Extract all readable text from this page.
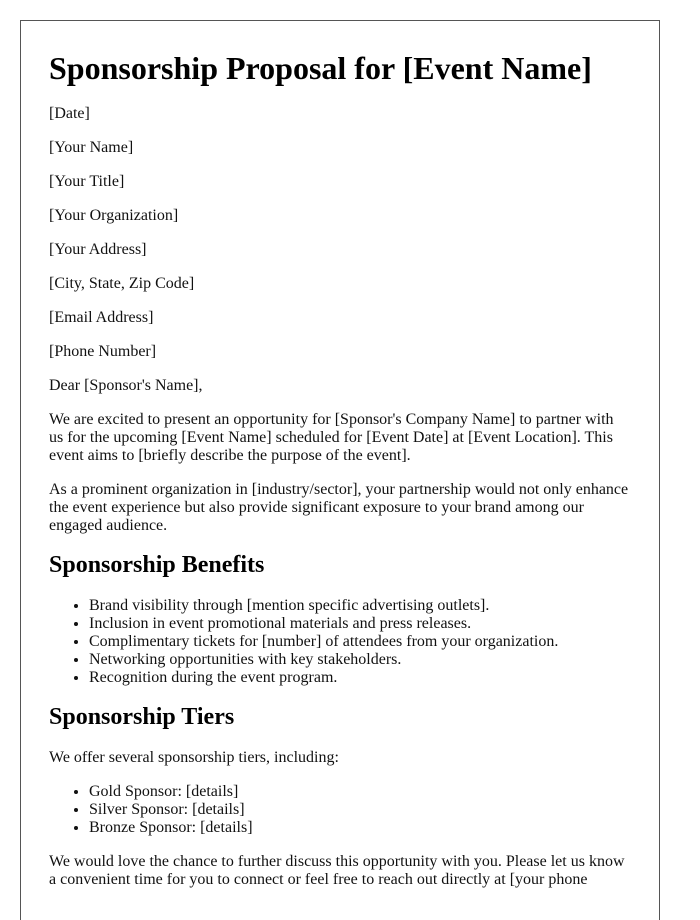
Sponsorship Proposal for [Event Name]

[Date]

[Your Name]

[Your Title]

[Your Organization]

[Your Address]

[City, State, Zip Code]

[Email Address]

[Phone Number]

Dear [Sponsor's Name],

We are excited to present an opportunity for [Sponsor's Company Name] to partner with us for the upcoming [Event Name] scheduled for [Event Date] at [Event Location]. This event aims to [briefly describe the purpose of the event].

As a prominent organization in [industry/sector], your partnership would not only enhance the event experience but also provide significant exposure to your brand among our engaged audience.

Sponsorship Benefits
• Brand visibility through [mention specific advertising outlets].
• Inclusion in event promotional materials and press releases.
• Complimentary tickets for [number] of attendees from your organization.
• Networking opportunities with key stakeholders.
• Recognition during the event program.
Sponsorship Tiers

We offer several sponsorship tiers, including:

• Gold Sponsor: [details]
• Silver Sponsor: [details]
• Bronze Sponsor: [details]

We would love the chance to further discuss this opportunity with you. Please let us know a convenient time for you to connect or feel free to reach out directly at [your phone
